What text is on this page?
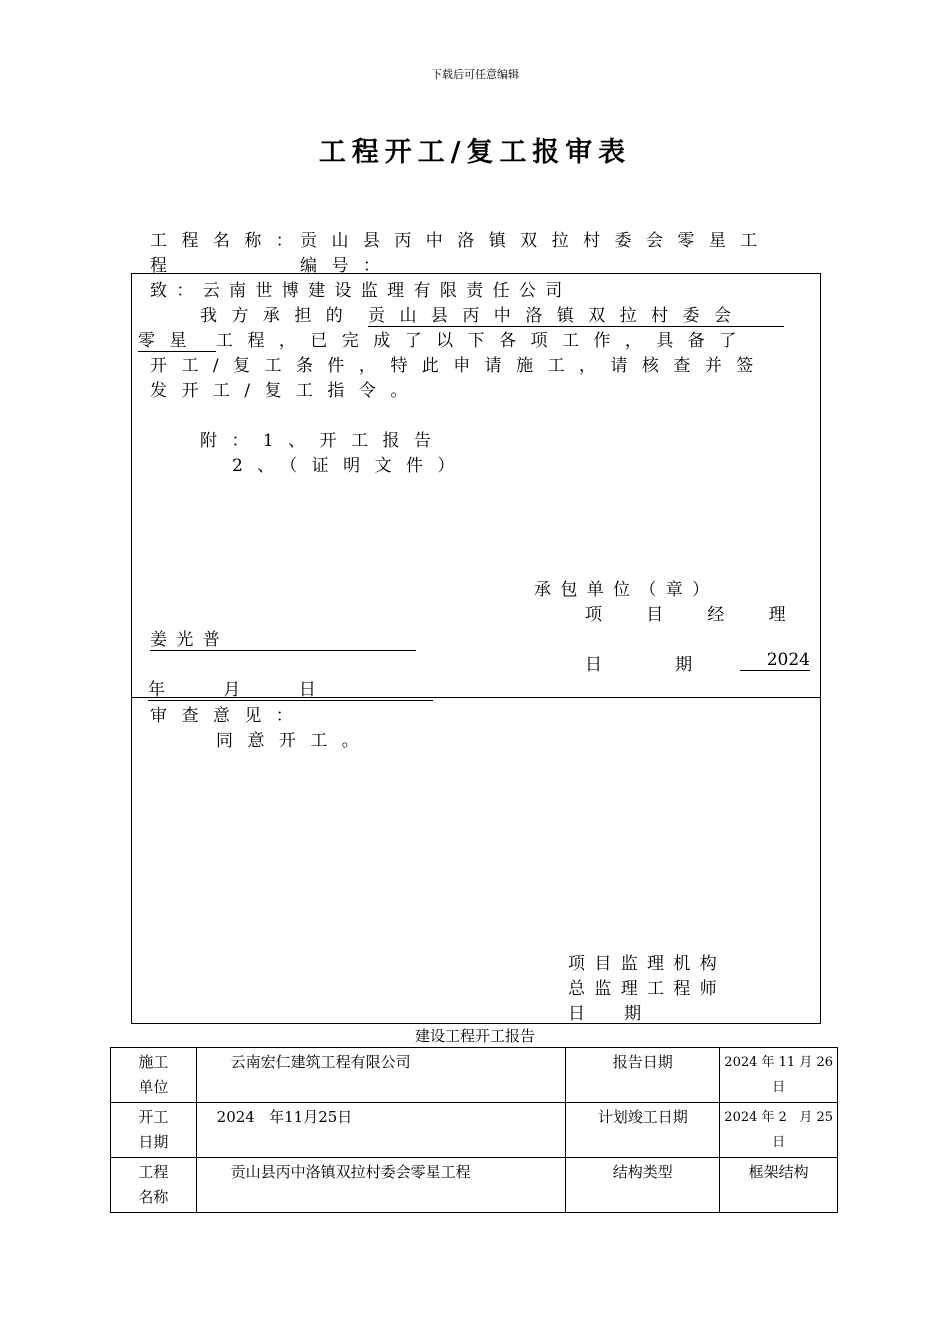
下载后可任意编辑
工程开工/复工报审表
工程名称：
贡山县丙中洛镇双拉村委会零星工
程	编号：
致：云南世博建设监理有限责任公司
我方承担的 贡山县丙中洛镇双拉村委会
零星 工程，已完成了以下各项工作，具备了
开工/复工条件，特此申请施工，请核查并签
发开工/复工指令。
附：1、开工报告
2、（证明文件）
承包单位（章）
项目经理
姜光普
日期 2024
年  月  日
审查意见：
同意开工。
项目监理机构
总监理工程师
日期
建设工程开工报告
施工
单位	云南宏仁建筑工程有限公司	报告日期	2024 年 11 月 26
日
开工
日期	2024   年11月25日	计划竣工日期	2024 年 2   月 25
日
工程
名称	贡山县丙中洛镇双拉村委会零星工程	结构类型	框架结构
